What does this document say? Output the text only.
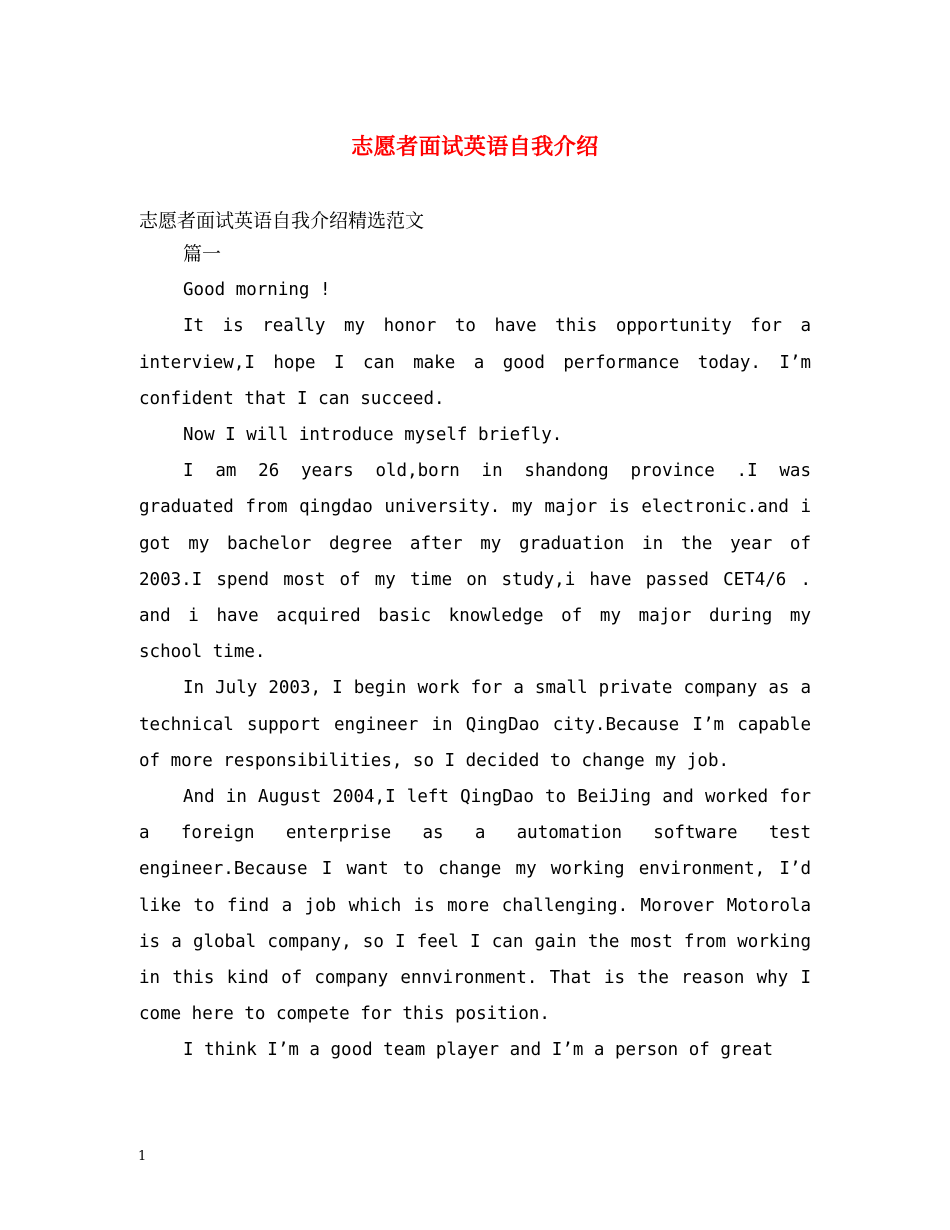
志愿者面试英语自我介绍
志愿者面试英语自我介绍精选范文

篇一

Good morning !

It is really my honor to have this opportunity for a interview,I hope I can make a good performance today. I’m confident that I can succeed.

Now I will introduce myself briefly.

I am 26 years old,born in shandong province .I was graduated from qingdao university. my major is electronic.and i got my bachelor degree after my graduation in the year of 2003.I spend most of my time on study,i have passed CET4/6 . and i have acquired basic knowledge of my major during my school time.

In July 2003, I begin work for a small private company as a technical support engineer in QingDao city.Because I’m capable of more responsibilities, so I decided to change my job.

And in August 2004,I left QingDao to BeiJing and worked for a foreign enterprise as a automation software test engineer.Because I want to change my working environment, I’d like to find a job which is more challenging. Morover Motorola is a global company, so I feel I can gain the most from working in this kind of company ennvironment. That is the reason why I come here to compete for this position.

I think I’m a good team player and I’m a person of great

1
